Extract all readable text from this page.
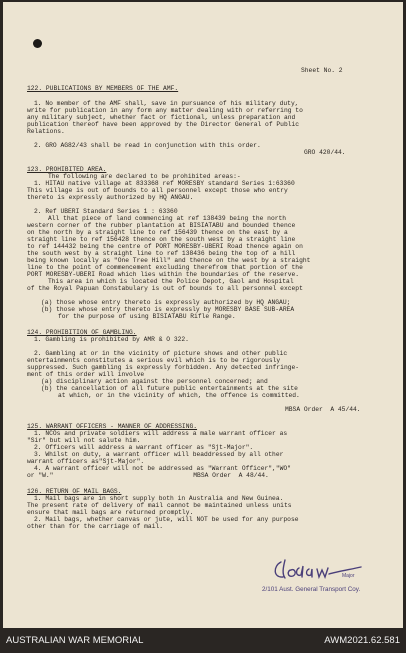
Sheet No. 2
122. PUBLICATIONS BY MEMBERS OF THE AMF.
1. No member of the AMF shall, save in pursuance of his military duty,
write for publication in any form any matter dealing with or referring to
any military subject, whether fact or fictional, unless preparation and
publication thereof have been approved by the Director General of Public
Relations.
2. GRO AG82/43 shall be read in conjunction with this order.
GRO 420/44.
123. PROHIBITED AREA.
The following are declared to be prohibited areas:-
1. HITAU native village at 833368 ref MORESBY standard Series 1:63360
This village is out of bounds to all personnel except those who entry
thereto is expressly authorized by HQ ANGAU.
2. Ref UBERI Standard Series 1 : 63360
All that piece of land commencing at ref 138439 being the north
western corner of the rubber plantation at BISIATABU and bounded thence
on the north by a straight line to ref 156439 thence on the east by a
straight line to ref 156428 thence on the south west by a straight line
to ref 144432 being the centre of PORT MORESBY-UBERI Road thence again on
the south west by a straight line to ref 138436 being the top of a hill
being known locally as "One Tree Hill" and thence on the west by a straight
line to the point of commencement excluding therefrom that portion of the
PORT MORESBY-UBERI Road which lies within the boundaries of the reserve.
This area in which is located the Police Depot, Gaol and Hospital
of the Royal Papuan Constabulary is out of bounds to all personnel except
(a) those whose entry thereto is expressly authorized by HQ ANGAU;
(b) those whose entry thereto is expressly by MORESBY BASE SUB-AREA
for the purpose of using BISIATABU Rifle Range.
124. PROHIBITION OF GAMBLING.
1. Gambling is prohibited by AMR & O 322.
2. Gambling at or in the vicinity of picture shows and other public
entertainments constitutes a serious evil which is to be rigorously
suppressed. Such gambling is expressly forbidden. Any detected infringe-
ment of this order will involve
(a) disciplinary action against the personnel concerned; and
(b) the cancellation of all future public entertainments at the site
at which, or in the vicinity of which, the offence is committed.
MBSA Order  A 45/44.
125. WARRANT OFFICERS - MANNER OF ADDRESSING.
1. NCOs and private soldiers will address a male warrant officer as
"Sir" but will not salute him.
2. Officers will address a warrant officer as "Sjt-Major".
3. Whilst on duty, a warrant officer will beaddressed by all other
warrant officers as"Sjt-Major".
4. A warrant officer will not be addressed as "Warrant Officer","WO"
or "W."                                     MBSA Order  A 48/44.
126. RETURN OF MAIL BAGS.
1. Mail bags are in short supply both in Australia and New Guinea.
The present rate of delivery of mail cannot be maintained unless units
ensure that mail bags are returned promptly.
2. Mail bags, whether canvas or jute, will NOT be used for any purpose
other than for the carriage of mail.
Major
2/101 Aust. General Transport Coy.
AUSTRALIAN WAR MEMORIAL	AWM2021.62.581
